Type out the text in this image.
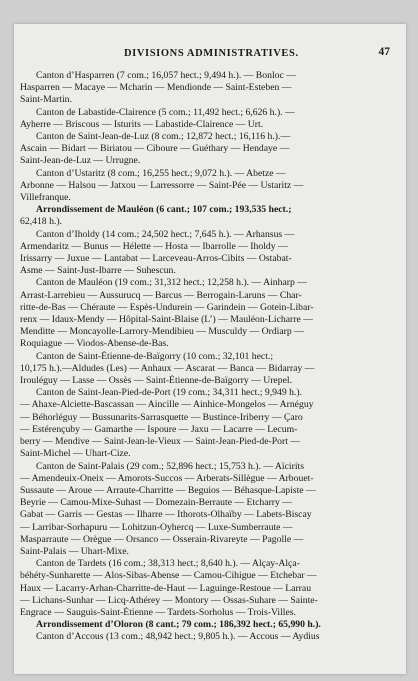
DIVISIONS ADMINISTRATIVES.	47
Canton d’Hasparren (7 com.; 16,057 hect.; 9,494 h.). — Bonloc —
Hasparren — Macaye — Mcharin — Mendionde — Saint-Esteben —
Saint-Martin.
Canton de Labastide-Clairence (5 com.; 11,492 hect.; 6,626 h.). —
Ayherre — Briscous — Isturits — Labastide-Clairence — Urt.
Canton de Saint-Jean-de-Luz (8 com.; 12,872 hect.; 16,116 h.).—
Ascain — Bidart — Biriatou — Ciboure — Guéthary — Hendaye —
Saint-Jean-de-Luz — Urrugne.
Canton d’Ustaritz (8 com.; 16,255 hect.; 9,072 h.). — Abetze —
Arbonne — Halsou — Jatxou — Larressorre — Saint-Pée — Ustaritz —
Villefranque.
Arrondissement de Mauléon (6 cant.; 107 com.; 193,535 hect.;
62,418 h.).
Canton d’Iholdy (14 com.; 24,502 hect.; 7,645 h.). — Arhansus —
Armendaritz — Bunus — Hélette — Hosta — Ibarrolle — Iholdy —
Irissarry — Juxue — Lantabat — Larceveau-Arros-Cibits — Ostabat-
Asme — Saint-Just-Ibarre — Suhescun.
Canton de Mauléon (19 com.; 31,312 hect.; 12,258 h.). — Ainharp —
Arrast-Larrebieu — Aussurucq — Barcus — Berrogain-Laruns — Char-
ritte-de-Bas — Chéraute — Espès-Undurein — Garindein — Gotein-Libar-
renx — Idaux-Mendy — Hôpital-Saint-Blaise (L’) — Mauléon-Licharre —
Menditte — Moncayolle-Larrory-Mendibieu — Musculdy — Ordiarp —
Roquiague — Viodos-Abense-de-Bas.
Canton de Saint-Étienne-de-Baïgorry (10 com.; 32,101 hect.;
10,175 h.).—Aldudes (Les) — Anhaux — Ascarat — Banca — Bidarray —
Irouléguy — Lasse — Ossès — Saint-Étienne-de-Baïgorry — Urepel.
Canton de Saint-Jean-Pied-de-Port (19 com.; 34,311 hect.; 9,949 h.).
— Ahaxe-Alciette-Bascassan — Aincille — Ainhice-Mongelos — Arnéguy
— Béhorléguy — Bussunarits-Sarrasquette — Bustince-Iriberry — Çaro
— Estérençuby — Gamarthe — Ispoure — Jaxu — Lacarre — Lecum-
berry — Mendive — Saint-Jean-le-Vieux — Saint-Jean-Pied-de-Port —
Saint-Michel — Uhart-Cize.
Canton de Saint-Palais (29 com.; 52,896 hect.; 15,753 h.). — Aïcirits
— Amendeuix-Oneix — Amorots-Succos — Arberats-Sillègue — Arbouet-
Sussaute — Aroue — Arraute-Charritte — Beguios — Béhasque-Lapiste —
Beyrie — Camou-Mixe-Suhast — Domezain-Berraute — Etcharry —
Gabat — Garris — Gestas — Ilharre — Ithorots-Olhaïby — Labets-Biscay
— Larribar-Sorhapuru — Lohitzun-Oyhercq — Luxe-Sumberraute —
Masparraute — Orègue — Orsanco — Osserain-Rivareyte — Pagolle —
Saint-Palais — Uhart-Mixe.
Canton de Tardets (16 com.; 38,313 hect.; 8,640 h.). — Alçay-Alça-
béhéty-Sunharette — Alos-Sibas-Abense — Camou-Cihigue — Etchebar —
Haux — Lacarry-Arhan-Charritte-de-Haut — Laguinge-Restoue — Larrau
— Lichans-Sunhar — Licq-Athérey — Montory — Ossas-Suhare — Sainte-
Engrace — Sauguis-Saint-Étienne — Tardets-Sorholus — Trois-Villes.
Arrondissement d’Oloron (8 cant.; 79 com.; 186,392 hect.; 65,990 h.).
Canton d’Accous (13 com.; 48,942 hect.; 9,805 h.). — Accous — Aydius
